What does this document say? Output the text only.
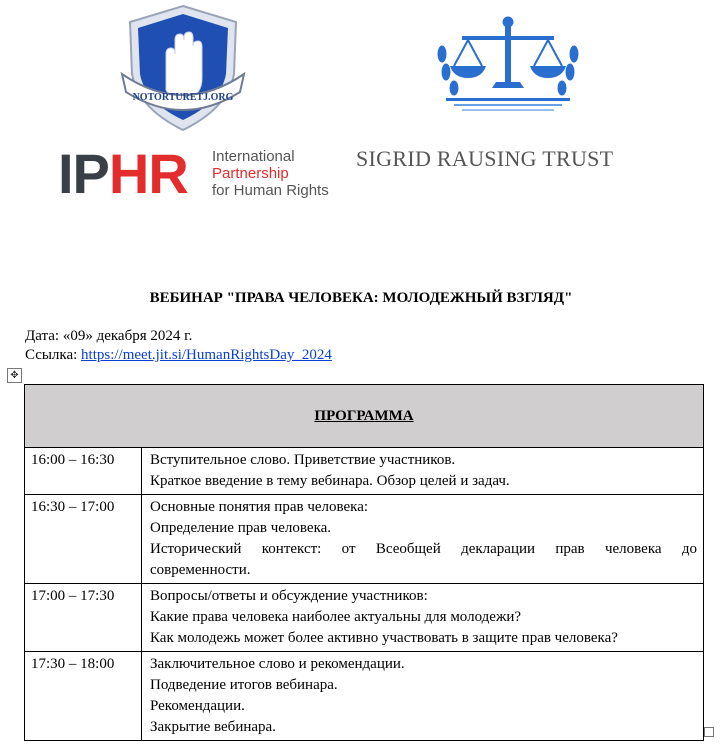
NOTORTURETJ.ORG
IPHR International
Partnership
for Human Rights
SIGRID RAUSING TRUST
ВЕБИНАР "ПРАВА ЧЕЛОВЕКА: МОЛОДЕЖНЫЙ ВЗГЛЯД"
Дата: «09» декабря 2024 г.
Ссылка: https://meet.jit.si/HumanRightsDay_2024
✥
ПРОГРАММА	
16:00 – 16:30	Вступительное слово. Приветствие участников.
Краткое введение в тему вебинара. Обзор целей и задач.

16:30 – 17:00	Основные понятия прав человека:
Определение прав человека.
Исторический контекст: от Всеобщей декларации прав человека до
современности.

17:00 – 17:30	Вопросы/ответы и обсуждение участников:
Какие права человека наиболее актуальны для молодежи?
Как молодежь может более активно участвовать в защите прав человека?

17:30 – 18:00	Заключительное слово и рекомендации.
Подведение итогов вебинара.
Рекомендации.
Закрытие вебинара.
